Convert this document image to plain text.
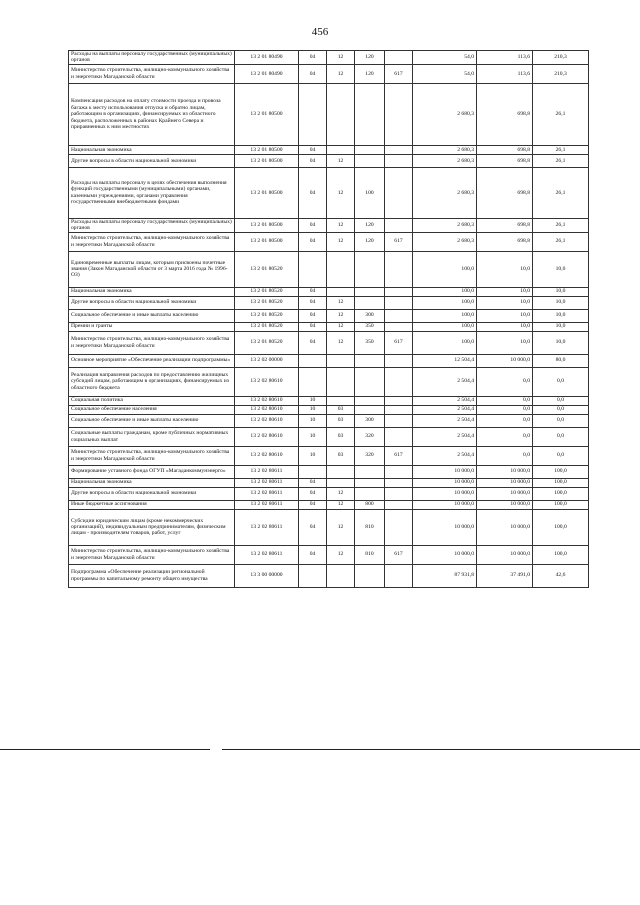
456
Расходы на выплаты персоналу государственных (муниципальных) органов	13 2 01 80490	04	12	120		54,0	113,6	210,3
Министерство строительства, жилищно-коммунального хозяйства и энергетики Магаданской области	13 2 01 80490	04	12	120	617	54,0	113,6	210,3
Компенсация расходов на оплату стоимости проезда и провоза багажа к месту использования отпуска и обратно лицам, работающим в организациях, финансируемых из областного бюджета, расположенных в районах Крайнего Севера и приравненных к ним местностях	13 2 01 80500					2 680,3	698,8	26,1
Национальная экономика	13 2 01 80500	04				2 680,3	698,8	26,1
Другие вопросы в области национальной экономики	13 2 01 80500	04	12			2 680,3	698,8	26,1
Расходы на выплаты персоналу в целях обеспечения выполнения функций государственными (муниципальными) органами, казенными учреждениями, органами управления государственными внебюджетными фондами	13 2 01 80500	04	12	100		2 680,3	698,8	26,1
Расходы на выплаты персоналу государственных (муниципальных) органов	13 2 01 80500	04	12	120		2 680,3	698,8	26,1
Министерство строительства, жилищно-коммунального хозяйства и энергетики Магаданской области	13 2 01 80500	04	12	120	617	2 680,3	698,8	26,1
Единовременные выплаты лицам, которым присвоены почетные звания (Закон Магаданской области от 3 марта 2016 года № 1996-ОЗ)	13 2 01 80520					100,0	10,0	10,0
Национальная экономика	13 2 01 80520	04				100,0	10,0	10,0
Другие вопросы в области национальной экономики	13 2 01 80520	04	12			100,0	10,0	10,0
Социальное обеспечение и иные выплаты населению	13 2 01 80520	04	12	300		100,0	10,0	10,0
Премии и гранты	13 2 01 80520	04	12	350		100,0	10,0	10,0
Министерство строительства, жилищно-коммунального хозяйства и энергетики Магаданской области	13 2 01 80520	04	12	350	617	100,0	10,0	10,0
Основное мероприятие «Обеспечение реализации подпрограммы»	13 2 02 00000					12 504,4	10 000,0	80,0
Реализация направления расходов по предоставлению жилищных субсидий лицам, работающим в организациях, финансируемых из областного бюджета	13 2 02 80610					2 504,4	0,0	0,0
Социальная политика	13 2 02 80610	10				2 504,4	0,0	0,0
Социальное обеспечение населения	13 2 02 80610	10	03			2 504,4	0,0	0,0
Социальное обеспечение и иные выплаты населению	13 2 02 80610	10	03	300		2 504,4	0,0	0,0
Социальные выплаты гражданам, кроме публичных нормативных социальных выплат	13 2 02 80610	10	03	320		2 504,4	0,0	0,0
Министерство строительства, жилищно-коммунального хозяйства и энергетики Магаданской области	13 2 02 80610	10	03	320	617	2 504,4	0,0	0,0
Формирование уставного фонда ОГУП «Магаданкоммунэнерго»	13 2 02 80611					10 000,0	10 000,0	100,0
Национальная экономика	13 2 02 80611	04				10 000,0	10 000,0	100,0
Другие вопросы в области национальной экономики	13 2 02 80611	04	12			10 000,0	10 000,0	100,0
Иные бюджетные ассигнования	13 2 02 80611	04	12	800		10 000,0	10 000,0	100,0
Субсидии юридическим лицам (кроме некоммерческих организаций), индивидуальным предпринимателям, физическим лицам - производителям товаров, работ, услуг	13 2 02 80611	04	12	810		10 000,0	10 000,0	100,0
Министерство строительства, жилищно-коммунального хозяйства и энергетики Магаданской области	13 2 02 80611	04	12	810	617	10 000,0	10 000,0	100,0
Подпрограмма «Обеспечение реализации региональной программы по капитальному ремонту общего имущества	13 3 00 00000					87 931,8	37 491,0	42,6
